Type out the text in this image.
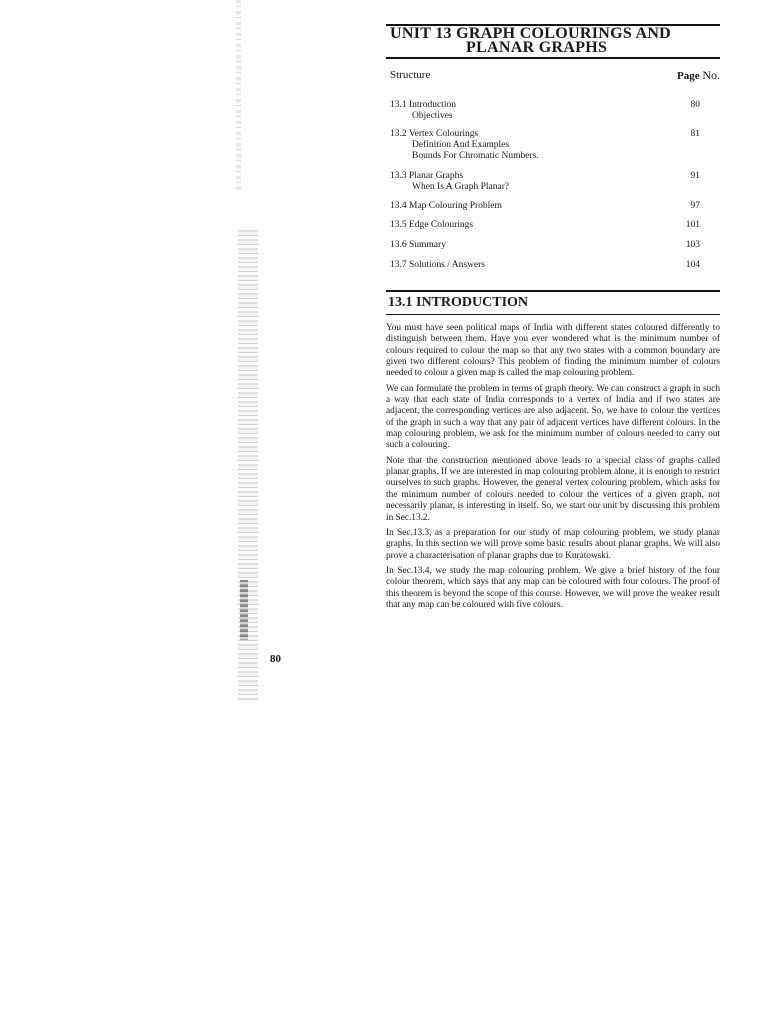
UNIT 13 GRAPH COLOURINGS AND
PLANAR GRAPHS
Structure	Page No.
13.1 Introduction
Objectives
80
13.2 Vertex Colourings
Definition And Examples
Bounds For Chromatic Numbers.
81
13.3 Planar Graphs
When Is A Graph Planar?
91
13.4 Map Colouring Problem	97
13.5 Edge Colourings	101
13.6 Summary	103
13.7 Solutions / Answers	104
13.1 INTRODUCTION

You must have seen political maps of India with different states coloured differently to distinguish between them. Have you ever wondered what is the minimum number of colours required to colour the map so that any two states with a common boundary are given two different colours? This problem of finding the minimum number of colours needed to colour a given map is called the map colouring problem.

We can formulate the problem in terms of graph theory. We can construct a graph in such a way that each state of India corresponds to a vertex of India and if two states are adjacent, the corresponding vertices are also adjacent. So, we have to colour the vertices of the graph in such a way that any pair of adjacent vertices have different colours. In the map colouring problem, we ask for the minimum number of colours needed to carry out such a colouring.

Note that the construction mentioned above leads to a special class of graphs called planar graphs. If we are interested in map colouring problem alone, it is enough to restrict ourselves to such graphs. However, the general vertex colouring problem, which asks for the minimum number of colours needed to colour the vertices of a given graph, not necessarily planar, is interesting in itself. So, we start our unit by discussing this problem in Sec.13.2.

In Sec.13.3, as a preparation for our study of map colouring problem, we study planar graphs. In this section we will prove some basic results about planar graphs. We will also prove a characterisation of planar graphs due to Kuratowski.

In Sec.13.4, we study the map colouring problem. We give a brief history of the four colour theorem, which says that any map can be coloured with four colours. The proof of this theorem is beyond the scope of this course. However, we will prove the weaker result that any map can be coloured with five colours.

80
